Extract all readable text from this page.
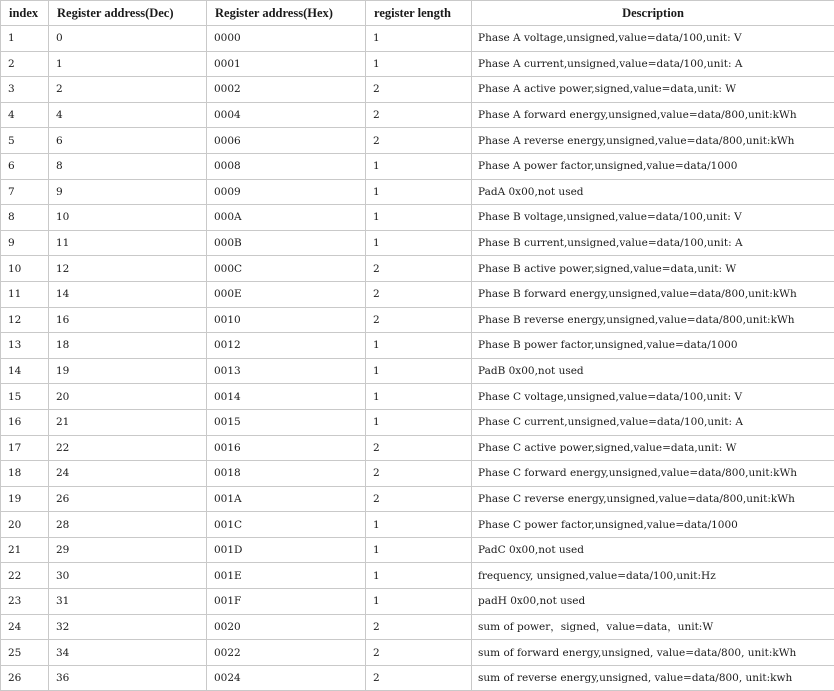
index	Register address(Dec)	Register address(Hex)	register length	Description
1	0	0000	1	Phase A voltage,unsigned,value=data/100,unit: V
2	1	0001	1	Phase A current,unsigned,value=data/100,unit: A
3	2	0002	2	Phase A active power,signed,value=data,unit: W
4	4	0004	2	Phase A forward energy,unsigned,value=data/800,unit:kWh
5	6	0006	2	Phase A reverse energy,unsigned,value=data/800,unit:kWh
6	8	0008	1	Phase A power factor,unsigned,value=data/1000
7	9	0009	1	PadA 0x00,not used
8	10	000A	1	Phase B voltage,unsigned,value=data/100,unit: V
9	11	000B	1	Phase B current,unsigned,value=data/100,unit: A
10	12	000C	2	Phase B active power,signed,value=data,unit: W
11	14	000E	2	Phase B forward energy,unsigned,value=data/800,unit:kWh
12	16	0010	2	Phase B reverse energy,unsigned,value=data/800,unit:kWh
13	18	0012	1	Phase B power factor,unsigned,value=data/1000
14	19	0013	1	PadB 0x00,not used
15	20	0014	1	Phase C voltage,unsigned,value=data/100,unit: V
16	21	0015	1	Phase C current,unsigned,value=data/100,unit: A
17	22	0016	2	Phase C active power,signed,value=data,unit: W
18	24	0018	2	Phase C forward energy,unsigned,value=data/800,unit:kWh
19	26	001A	2	Phase C reverse energy,unsigned,value=data/800,unit:kWh
20	28	001C	1	Phase C power factor,unsigned,value=data/1000
21	29	001D	1	PadC 0x00,not used
22	30	001E	1	frequency, unsigned,value=data/100,unit:Hz
23	31	001F	1	padH 0x00,not used
24	32	0020	2	sum of power，signed，value=data，unit:W
25	34	0022	2	sum of forward energy,unsigned, value=data/800, unit:kWh
26	36	0024	2	sum of reverse energy,unsigned, value=data/800, unit:kwh
